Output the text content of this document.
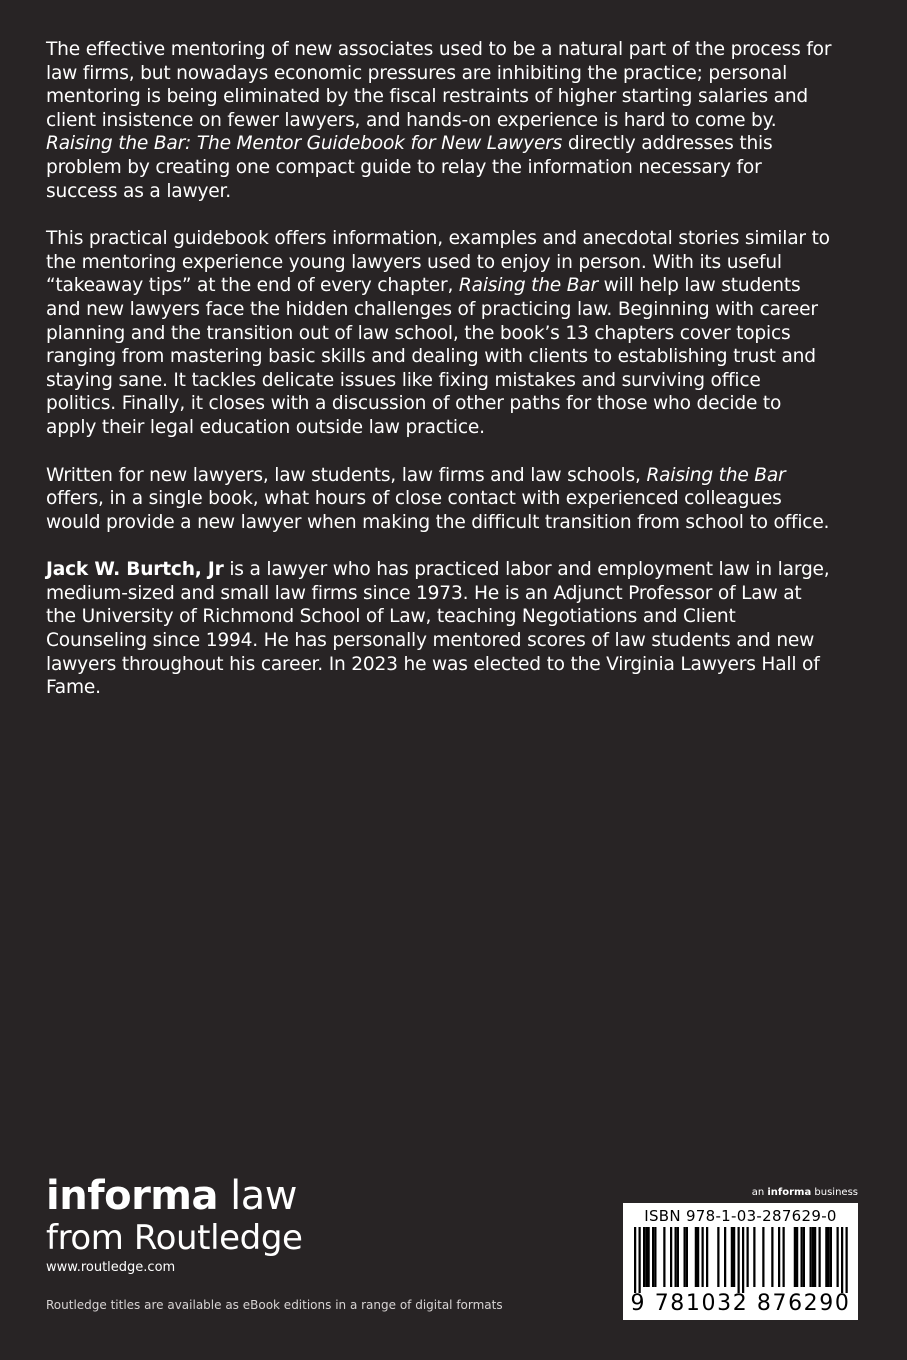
The effective mentoring of new associates used to be a natural part of the process for law firms, but nowadays economic pressures are inhibiting the practice; personal mentoring is being eliminated by the fiscal restraints of higher starting salaries and client insistence on fewer lawyers, and hands-on experience is hard to come by. Raising the Bar: The Mentor Guidebook for New Lawyers directly addresses this problem by creating one compact guide to relay the information necessary for success as a lawyer.

This practical guidebook offers information, examples and anecdotal stories similar to the mentoring experience young lawyers used to enjoy in person. With its useful “takeaway tips” at the end of every chapter, Raising the Bar will help law students and new lawyers face the hidden challenges of practicing law. Beginning with career planning and the transition out of law school, the book’s 13 chapters cover topics ranging from mastering basic skills and dealing with clients to establishing trust and staying sane. It tackles delicate issues like fixing mistakes and surviving office politics. Finally, it closes with a discussion of other paths for those who decide to apply their legal education outside law practice.

Written for new lawyers, law students, law firms and law schools, Raising the Bar offers, in a single book, what hours of close contact with experienced colleagues would provide a new lawyer when making the difficult transition from school to office.

Jack W. Burtch, Jr is a lawyer who has practiced labor and employment law in large, medium-sized and small law firms since 1973. He is an Adjunct Professor of Law at the University of Richmond School of Law, teaching Negotiations and Client Counseling since 1994. He has personally mentored scores of law students and new lawyers throughout his career. In 2023 he was elected to the Virginia Lawyers Hall of Fame.

informa law
from Routledge
www.routledge.com
Routledge titles are available as eBook editions in a range of digital formats
an informa business
ISBN 978-1-03-287629-0
9 781032 876290
